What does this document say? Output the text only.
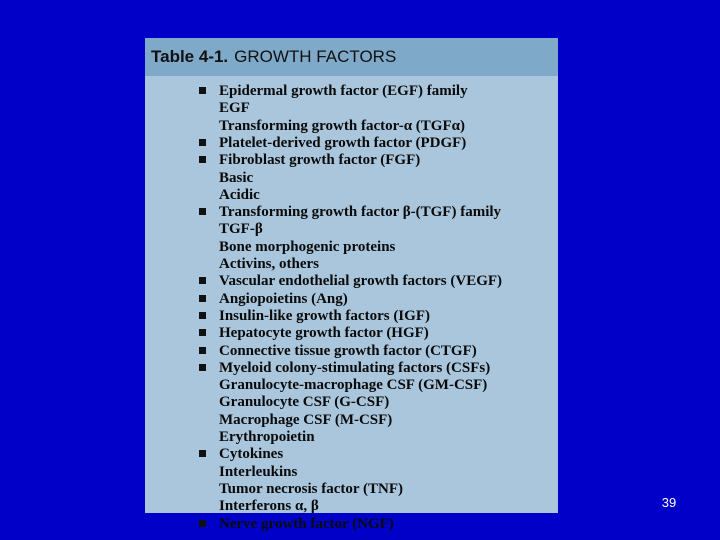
Table 4-1. GROWTH FACTORS
Epidermal growth factor (EGF) family
EGF
Transforming growth factor-α (TGFα)
Platelet-derived growth factor (PDGF)
Fibroblast growth factor (FGF)
Basic
Acidic
Transforming growth factor β-(TGF) family
TGF-β
Bone morphogenic proteins
Activins, others
Vascular endothelial growth factors (VEGF)
Angiopoietins (Ang)
Insulin-like growth factors (IGF)
Hepatocyte growth factor (HGF)
Connective tissue growth factor (CTGF)
Myeloid colony-stimulating factors (CSFs)
Granulocyte-macrophage CSF (GM-CSF)
Granulocyte CSF (G-CSF)
Macrophage CSF (M-CSF)
Erythropoietin
Cytokines
Interleukins
Tumor necrosis factor (TNF)
Interferons α, β
Nerve growth factor (NGF)
39
